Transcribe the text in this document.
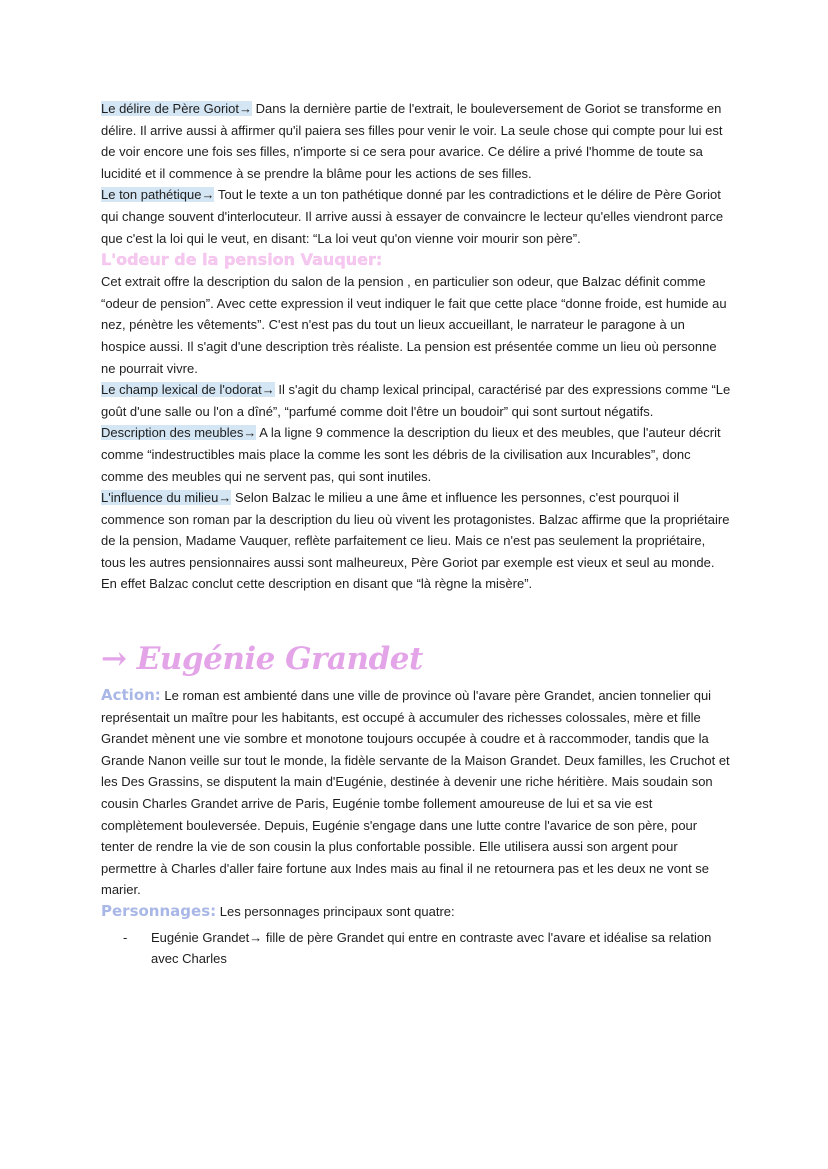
Le délire de Père Goriot→ Dans la dernière partie de l'extrait, le bouleversement de Goriot se transforme en délire. Il arrive aussi à affirmer qu'il paiera ses filles pour venir le voir. La seule chose qui compte pour lui est de voir encore une fois ses filles, n'importe si ce sera pour avarice. Ce délire a privé l'homme de toute sa lucidité et il commence à se prendre la blâme pour les actions de ses filles.

Le ton pathétique→ Tout le texte a un ton pathétique donné par les contradictions et le délire de Père Goriot qui change souvent d'interlocuteur. Il arrive aussi à essayer de convaincre le lecteur qu'elles viendront parce que c'est la loi qui le veut, en disant: “La loi veut qu'on vienne voir mourir son père”.

L'odeur de la pension Vauquer:

Cet extrait offre la description du salon de la pension , en particulier son odeur, que Balzac définit comme “odeur de pension”. Avec cette expression il veut indiquer le fait que cette place “donne froide, est humide au nez, pénètre les vêtements”. C'est n'est pas du tout un lieux accueillant, le narrateur le paragone à un hospice aussi. Il s'agit d'une description très réaliste. La pension est présentée comme un lieu où personne ne pourrait vivre.

Le champ lexical de l'odorat→ Il s'agit du champ lexical principal, caractérisé par des expressions comme “Le goût d'une salle ou l'on a dîné”, “parfumé comme doit l'être un boudoir” qui sont surtout négatifs.

Description des meubles→ A la ligne 9 commence la description du lieux et des meubles, que l'auteur décrit comme “indestructibles mais place la comme les sont les débris de la civilisation aux Incurables”, donc comme des meubles qui ne servent pas, qui sont inutiles.

L'influence du milieu→ Selon Balzac le milieu a une âme et influence les personnes, c'est pourquoi il commence son roman par la description du lieu où vivent les protagonistes. Balzac affirme que la propriétaire de la pension, Madame Vauquer, reflète parfaitement ce lieu. Mais ce n'est pas seulement la propriétaire, tous les autres pensionnaires aussi sont malheureux, Père Goriot par exemple est vieux et seul au monde. En effet Balzac conclut cette description en disant que “là règne la misère”.

→ Eugénie Grandet

Action: Le roman est ambienté dans une ville de province où l'avare père Grandet, ancien tonnelier qui représentait un maître pour les habitants, est occupé à accumuler des richesses colossales, mère et fille Grandet mènent une vie sombre et monotone toujours occupée à coudre et à raccommoder, tandis que la Grande Nanon veille sur tout le monde, la fidèle servante de la Maison Grandet. Deux familles, les Cruchot et les Des Grassins, se disputent la main d'Eugénie, destinée à devenir une riche héritière. Mais soudain son cousin Charles Grandet arrive de Paris, Eugénie tombe follement amoureuse de lui et sa vie est complètement bouleversée. Depuis, Eugénie s'engage dans une lutte contre l'avarice de son père, pour tenter de rendre la vie de son cousin la plus confortable possible. Elle utilisera aussi son argent pour permettre à Charles d'aller faire fortune aux Indes mais au final il ne retournera pas et les deux ne vont se marier.

Personnages: Les personnages principaux sont quatre:

- Eugénie Grandet→ fille de père Grandet qui entre en contraste avec l'avare et idéalise sa relation avec Charles
